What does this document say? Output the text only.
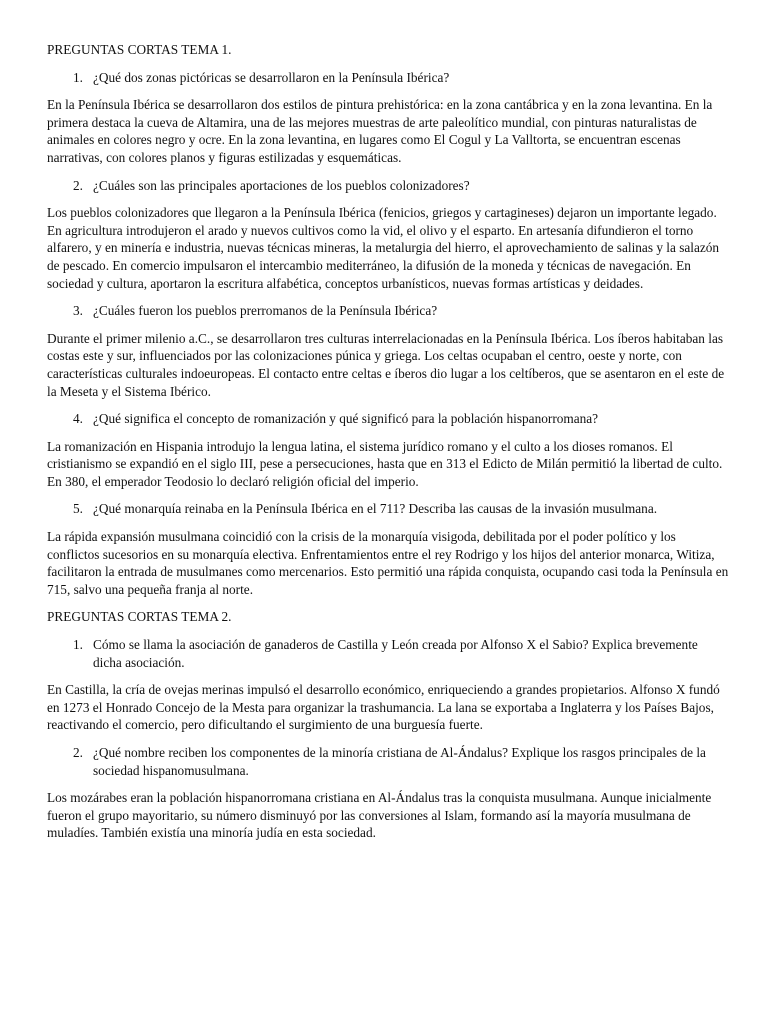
PREGUNTAS CORTAS TEMA 1.
1. ¿Qué dos zonas pictóricas se desarrollaron en la Península Ibérica?
En la Península Ibérica se desarrollaron dos estilos de pintura prehistórica: en la zona cantábrica y en la zona levantina. En la primera destaca la cueva de Altamira, una de las mejores muestras de arte paleolítico mundial, con pinturas naturalistas de animales en colores negro y ocre. En la zona levantina, en lugares como El Cogul y La Valltorta, se encuentran escenas narrativas, con colores planos y figuras estilizadas y esquemáticas.
2. ¿Cuáles son las principales aportaciones de los pueblos colonizadores?
Los pueblos colonizadores que llegaron a la Península Ibérica (fenicios, griegos y cartagineses) dejaron un importante legado. En agricultura introdujeron el arado y nuevos cultivos como la vid, el olivo y el esparto. En artesanía difundieron el torno alfarero, y en minería e industria, nuevas técnicas mineras, la metalurgia del hierro, el aprovechamiento de salinas y la salazón de pescado. En comercio impulsaron el intercambio mediterráneo, la difusión de la moneda y técnicas de navegación. En sociedad y cultura, aportaron la escritura alfabética, conceptos urbanísticos, nuevas formas artísticas y deidades.
3. ¿Cuáles fueron los pueblos prerromanos de la Península Ibérica?
Durante el primer milenio a.C., se desarrollaron tres culturas interrelacionadas en la Península Ibérica. Los íberos habitaban las costas este y sur, influenciados por las colonizaciones púnica y griega. Los celtas ocupaban el centro, oeste y norte, con características culturales indoeuropeas. El contacto entre celtas e íberos dio lugar a los celtíberos, que se asentaron en el este de la Meseta y el Sistema Ibérico.
4. ¿Qué significa el concepto de romanización y qué significó para la población hispanorromana?
La romanización en Hispania introdujo la lengua latina, el sistema jurídico romano y el culto a los dioses romanos. El cristianismo se expandió en el siglo III, pese a persecuciones, hasta que en 313 el Edicto de Milán permitió la libertad de culto. En 380, el emperador Teodosio lo declaró religión oficial del imperio.
5. ¿Qué monarquía reinaba en la Península Ibérica en el 711? Describa las causas de la invasión musulmana.
La rápida expansión musulmana coincidió con la crisis de la monarquía visigoda, debilitada por el poder político y los conflictos sucesorios en su monarquía electiva. Enfrentamientos entre el rey Rodrigo y los hijos del anterior monarca, Witiza, facilitaron la entrada de musulmanes como mercenarios. Esto permitió una rápida conquista, ocupando casi toda la Península en 715, salvo una pequeña franja al norte.
PREGUNTAS CORTAS TEMA 2.
1. Cómo se llama la asociación de ganaderos de Castilla y León creada por Alfonso X el Sabio? Explica brevemente dicha asociación.
En Castilla, la cría de ovejas merinas impulsó el desarrollo económico, enriqueciendo a grandes propietarios. Alfonso X fundó en 1273 el Honrado Concejo de la Mesta para organizar la trashumancia. La lana se exportaba a Inglaterra y los Países Bajos, reactivando el comercio, pero dificultando el surgimiento de una burguesía fuerte.
2. ¿Qué nombre reciben los componentes de la minoría cristiana de Al-Ándalus? Explique los rasgos principales de la sociedad hispanomusulmana.
Los mozárabes eran la población hispanorromana cristiana en Al-Ándalus tras la conquista musulmana. Aunque inicialmente fueron el grupo mayoritario, su número disminuyó por las conversiones al Islam, formando así la mayoría musulmana de muladíes. También existía una minoría judía en esta sociedad.
